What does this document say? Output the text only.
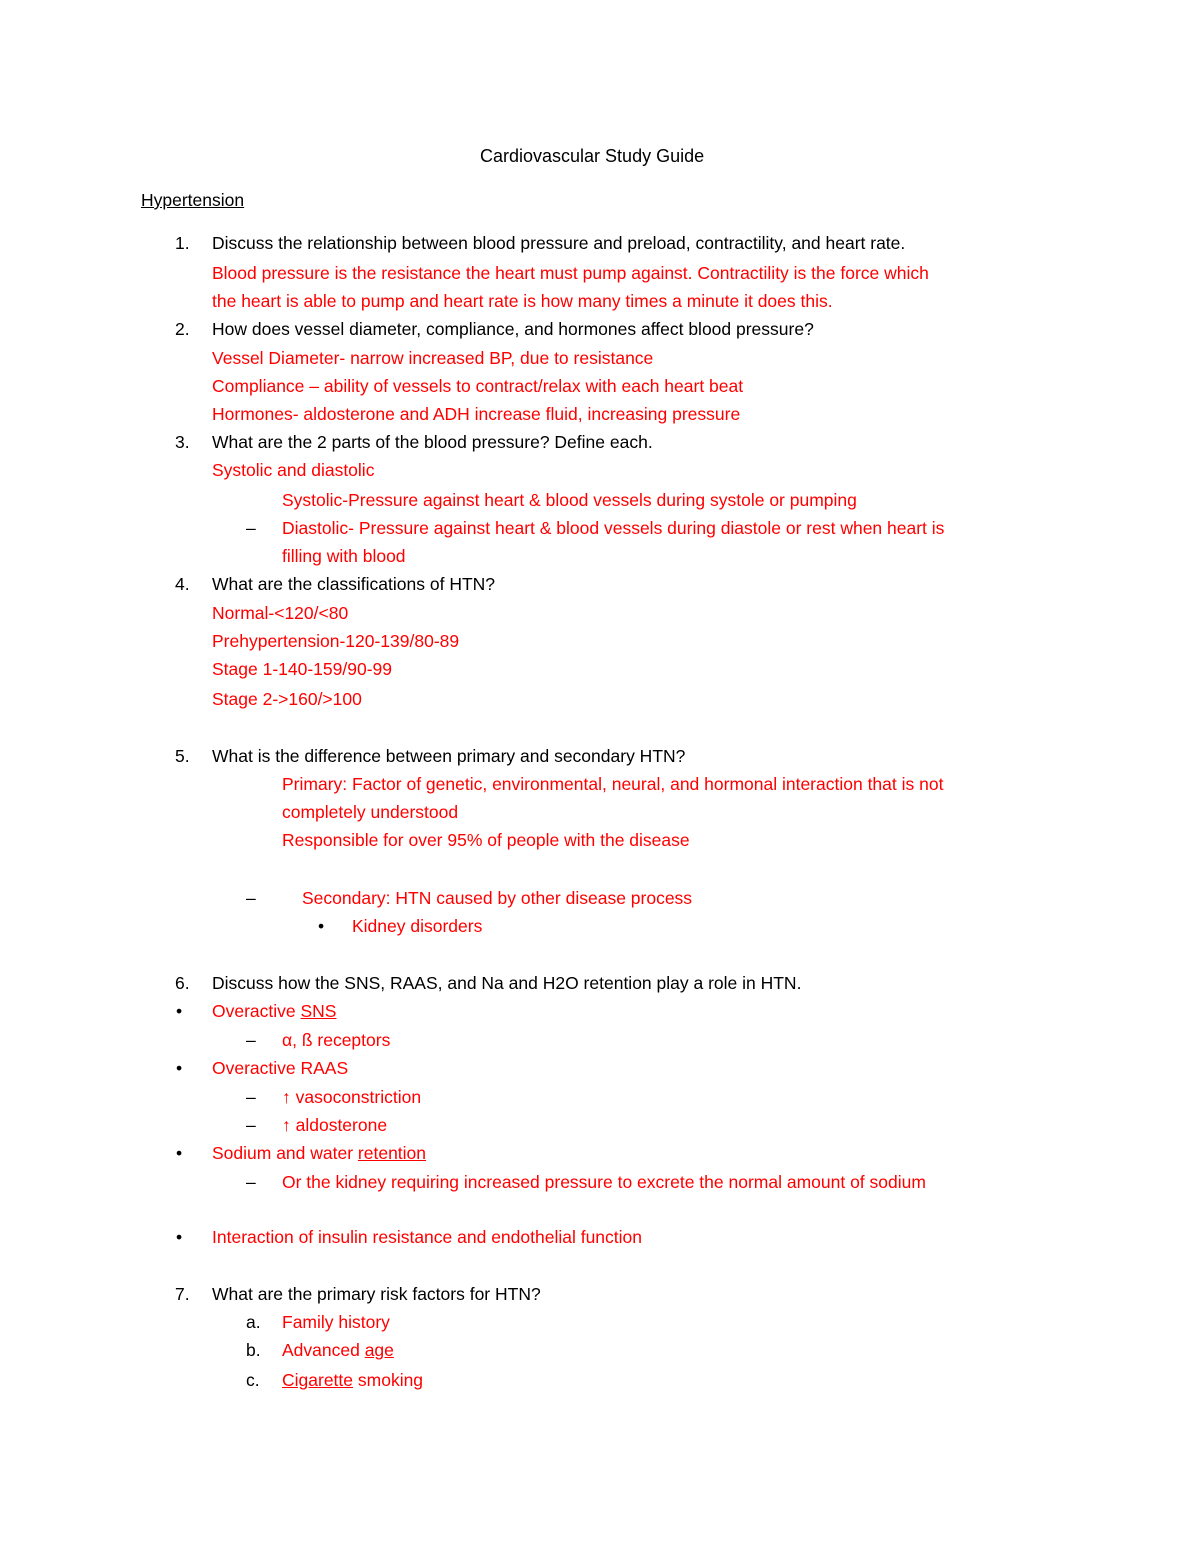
Cardiovascular Study Guide
Hypertension
1. Discuss the relationship between blood pressure and preload, contractility, and heart rate.
Blood pressure is the resistance the heart must pump against. Contractility is the force which
the heart is able to pump and heart rate is how many times a minute it does this.
2. How does vessel diameter, compliance, and hormones affect blood pressure?
Vessel Diameter- narrow increased BP, due to resistance
Compliance – ability of vessels to contract/relax with each heart beat
Hormones- aldosterone and ADH increase fluid, increasing pressure
3. What are the 2 parts of the blood pressure? Define each.
Systolic and diastolic
Systolic-Pressure against heart & blood vessels during systole or pumping
– Diastolic- Pressure against heart & blood vessels during diastole or rest when heart is
filling with blood
4. What are the classifications of HTN?
Normal-<120/<80
Prehypertension-120-139/80-89
Stage 1-140-159/90-99
Stage 2->160/>100
5. What is the difference between primary and secondary HTN?
Primary: Factor of genetic, environmental, neural, and hormonal interaction that is not
completely understood
Responsible for over 95% of people with the disease
–	Secondary: HTN caused by other disease process
• Kidney disorders
6. Discuss how the SNS, RAAS, and Na and H2O retention play a role in HTN.
• Overactive SNS
– α, ß receptors
• Overactive RAAS
– ↑ vasoconstriction
– ↑ aldosterone
• Sodium and water retention
– Or the kidney requiring increased pressure to excrete the normal amount of sodium
• Interaction of insulin resistance and endothelial function
7. What are the primary risk factors for HTN?
a. Family history
b. Advanced age
c. Cigarette smoking
